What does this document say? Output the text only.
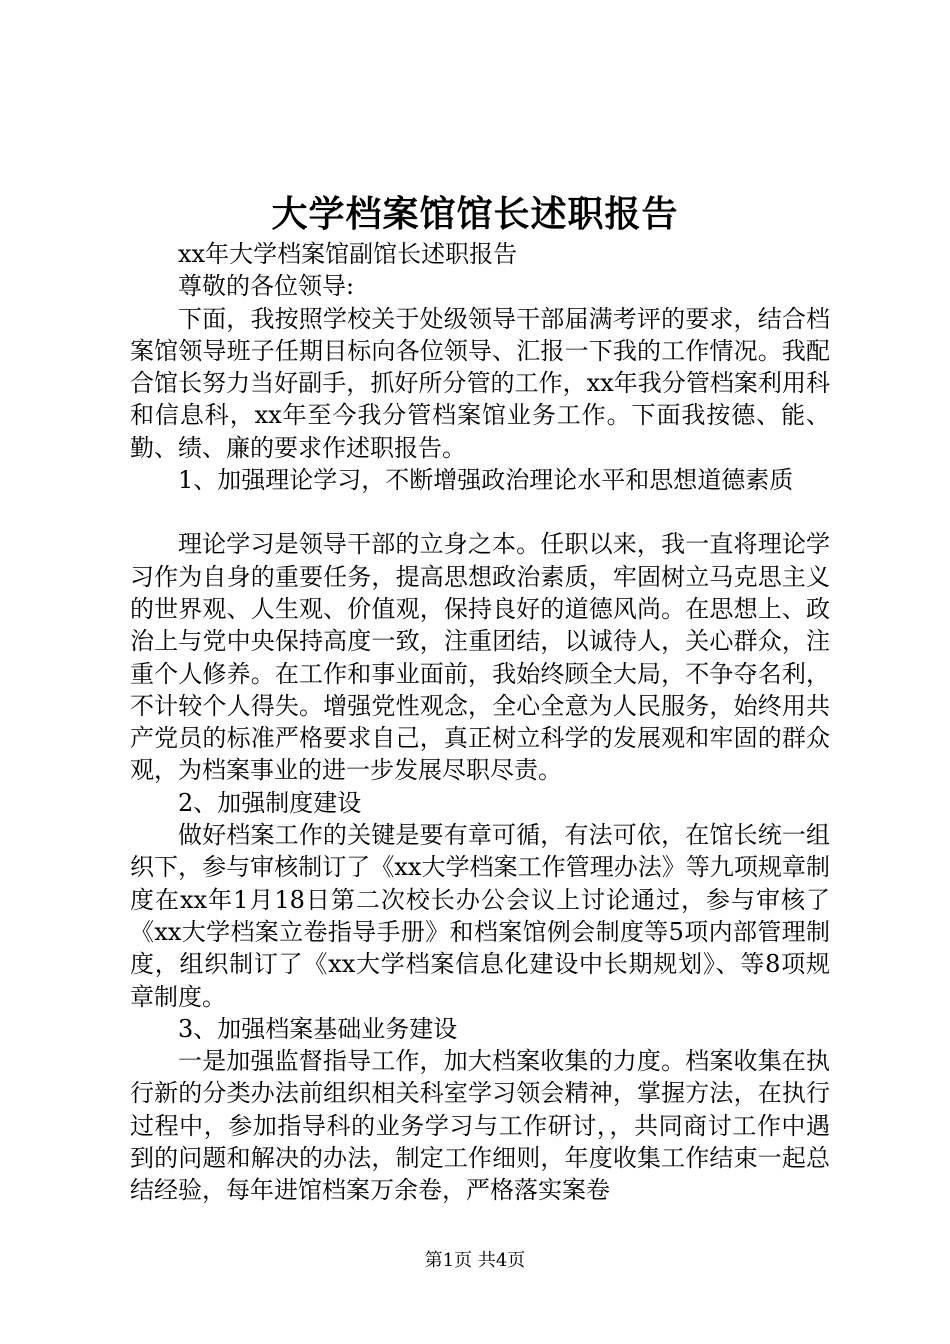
大学档案馆馆长述职报告

xx年大学档案馆副馆长述职报告

尊敬的各位领导:

下面，我按照学校关于处级领导干部届满考评的要求，结合档案馆领导班子任期目标向各位领导、汇报一下我的工作情况。我配合馆长努力当好副手，抓好所分管的工作，xx年我分管档案利用科和信息科，xx年至今我分管档案馆业务工作。下面我按德、能、勤、绩、廉的要求作述职报告。

1、加强理论学习，不断增强政治理论水平和思想道德素质

理论学习是领导干部的立身之本。任职以来，我一直将理论学习作为自身的重要任务，提高思想政治素质，牢固树立马克思主义的世界观、人生观、价值观，保持良好的道德风尚。在思想上、政治上与党中央保持高度一致，注重团结，以诚待人，关心群众，注重个人修养。在工作和事业面前，我始终顾全大局，不争夺名利，不计较个人得失。增强党性观念，全心全意为人民服务，始终用共产党员的标准严格要求自己，真正树立科学的发展观和牢固的群众观，为档案事业的进一步发展尽职尽责。

2、加强制度建设

做好档案工作的关键是要有章可循，有法可依，在馆长统一组织下，参与审核制订了《xx大学档案工作管理办法》等九项规章制度在xx年1月18日第二次校长办公会议上讨论通过，参与审核了《xx大学档案立卷指导手册》和档案馆例会制度等5项内部管理制度，组织制订了《xx大学档案信息化建设中长期规划》、等8项规章制度。

3、加强档案基础业务建设

一是加强监督指导工作，加大档案收集的力度。档案收集在执行新的分类办法前组织相关科室学习领会精神，掌握方法，在执行过程中，参加指导科的业务学习与工作研讨，，共同商讨工作中遇到的问题和解决的办法，制定工作细则，年度收集工作结束一起总结经验，每年进馆档案万余卷，严格落实案卷

第1页 共4页
